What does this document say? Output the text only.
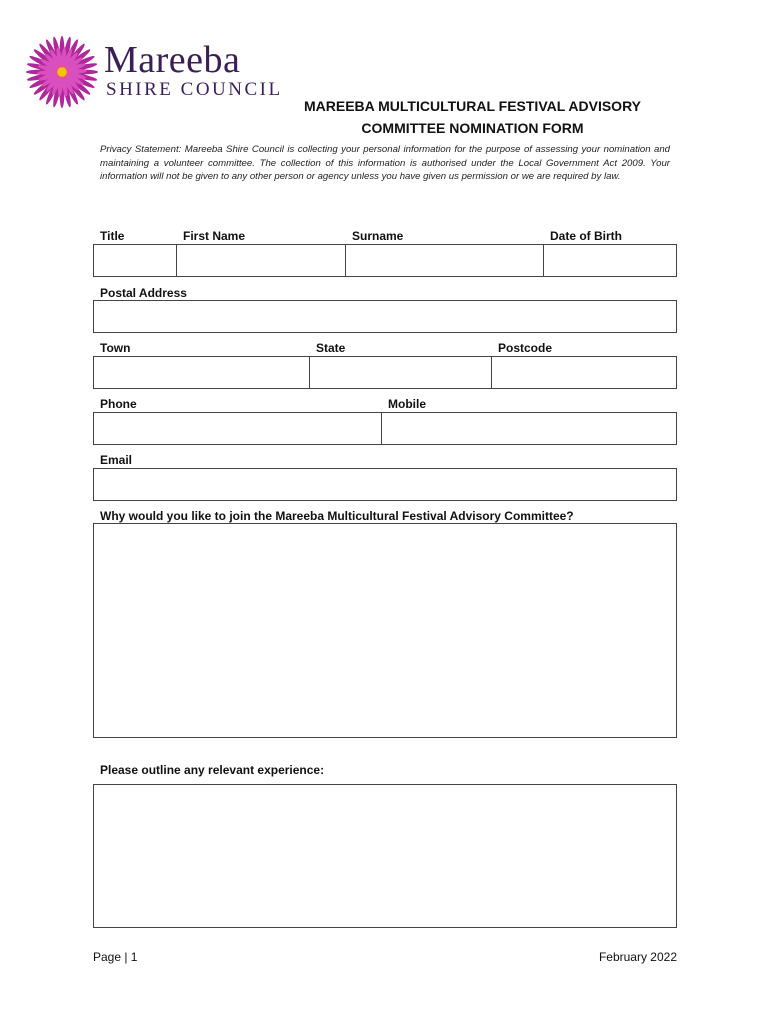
Mareeba
SHIRE COUNCIL
MAREEBA MULTICULTURAL FESTIVAL ADVISORY
COMMITTEE NOMINATION FORM
Privacy Statement: Mareeba Shire Council is collecting your personal information for the purpose of assessing your nomination and maintaining a volunteer committee. The collection of this information is authorised under the Local Government Act 2009. Your information will not be given to any other person or agency unless you have given us permission or we are required by law.
Title	First Name	Surname	Date of Birth
Postal Address
Town	State	Postcode
Phone	Mobile
Email
Why would you like to join the Mareeba Multicultural Festival Advisory Committee?
Please outline any relevant experience:
Page | 1	February 2022
